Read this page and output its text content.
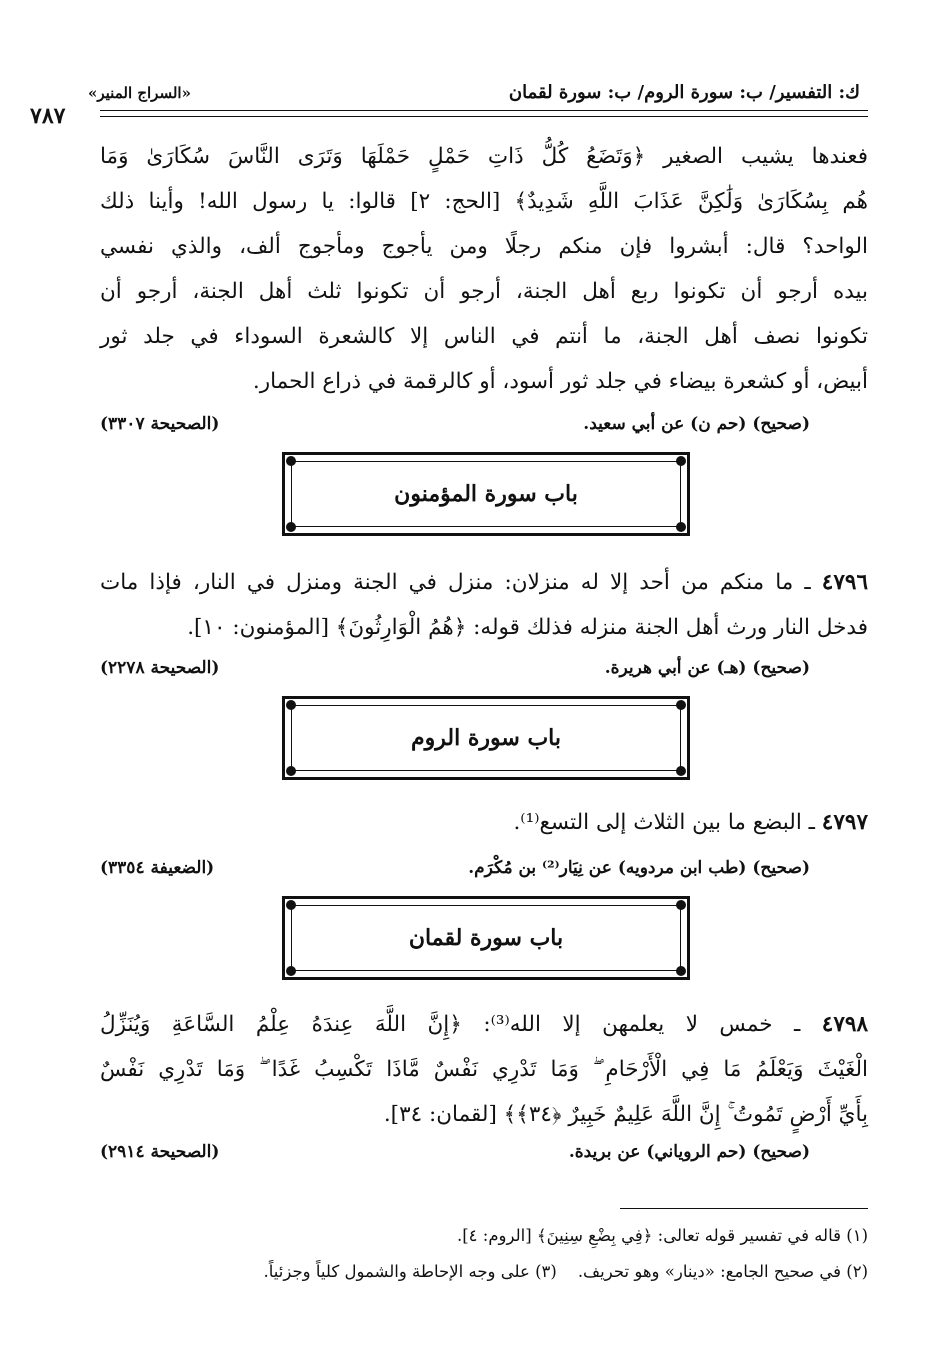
«السراج المنير»	ك: التفسير/ ب: سورة الروم/ ب: سورة لقمان
٧٨٧
فعندها يشيب الصغير ﴿وَتَضَعُ كُلُّ ذَاتِ حَمْلٍ حَمْلَهَا وَتَرَى النَّاسَ سُكَارَىٰ وَمَا
هُم بِسُكَارَىٰ وَلَٰكِنَّ عَذَابَ اللَّهِ شَدِيدٌ﴾ [الحج: ٢] قالوا: يا رسول الله! وأينا ذلك
الواحد؟ قال: أبشروا فإن منكم رجلًا ومن يأجوج ومأجوج ألف، والذي نفسي
بيده أرجو أن تكونوا ربع أهل الجنة، أرجو أن تكونوا ثلث أهل الجنة، أرجو أن
تكونوا نصف أهل الجنة، ما أنتم في الناس إلا كالشعرة السوداء في جلد ثور
أبيض، أو كشعرة بيضاء في جلد ثور أسود، أو كالرقمة في ذراع الحمار.
(صحيح) (حم ن) عن أبي سعيد.
(الصحيحة ٣٣٠٧)
باب سورة المؤمنون
٤٧٩٦ ـ ما منكم من أحد إلا له منزلان: منزل في الجنة ومنزل في النار، فإذا مات
فدخل النار ورث أهل الجنة منزله فذلك قوله: ﴿هُمُ الْوَارِثُونَ﴾ [المؤمنون: ١٠].
(صحيح) (هـ) عن أبي هريرة.
(الصحيحة ٢٢٧٨)
باب سورة الروم
٤٧٩٧ ـ البضع ما بين الثلاث إلى التسع⁽¹⁾.
(صحيح) (طب ابن مردويه) عن نِيَار⁽²⁾ بن مُكْرَم.
(الضعيفة ٣٣٥٤)
باب سورة لقمان
٤٧٩٨ ـ خمس لا يعلمهن إلا الله⁽³⁾: ﴿إِنَّ اللَّهَ عِندَهُ عِلْمُ السَّاعَةِ وَيُنَزِّلُ
الْغَيْثَ وَيَعْلَمُ مَا فِي الْأَرْحَامِ ۖ وَمَا تَدْرِي نَفْسٌ مَّاذَا تَكْسِبُ غَدًا ۖ وَمَا تَدْرِي نَفْسٌ
بِأَيِّ أَرْضٍ تَمُوتُ ۚ إِنَّ اللَّهَ عَلِيمٌ خَبِيرٌ ﴿٣٤﴾﴾ [لقمان: ٣٤].
(صحيح) (حم الروياني) عن بريدة.
(الصحيحة ٢٩١٤)
(١) قاله في تفسير قوله تعالى: ﴿فِي بِضْعِ سِنِينَ﴾ [الروم: ٤].
(٢) في صحيح الجامع: «دينار» وهو تحريف.    (٣) على وجه الإحاطة والشمول كلياً وجزئياً.
